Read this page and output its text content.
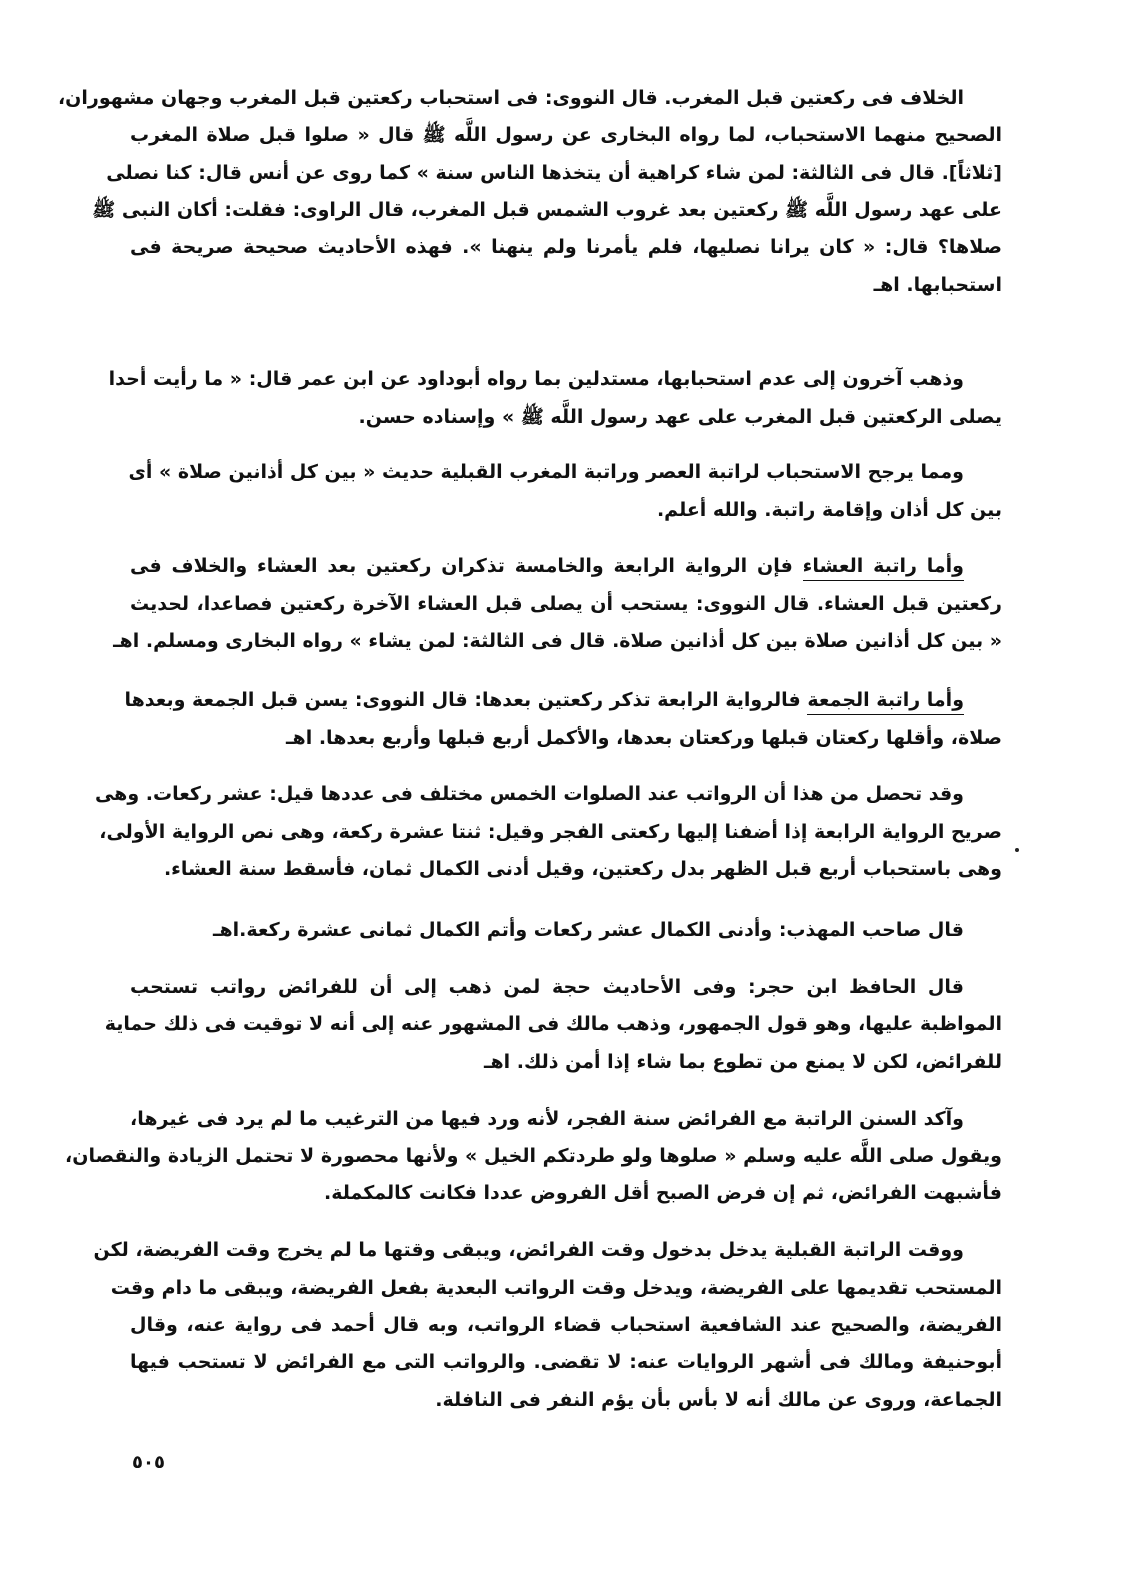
٥٠٥
الخلاف فى ركعتين قبل المغرب. قال النووى: فى استحباب ركعتين قبل المغرب وجهان مشهوران،
الصحيح منهما الاستحباب، لما رواه البخارى عن رسول اللَّه ﷺ قال « صلوا قبل صلاة المغرب
[ثلاثاً]. قال فى الثالثة: لمن شاء كراهية أن يتخذها الناس سنة » كما روى عن أنس قال: كنا نصلى
على عهد رسول اللَّه ﷺ ركعتين بعد غروب الشمس قبل المغرب، قال الراوى: فقلت: أكان النبى ﷺ
صلاها؟ قال: « كان يرانا نصليها، فلم يأمرنا ولم ينهنا ». فهذه الأحاديث صحيحة صريحة فى
استحبابها. اهـ
وذهب آخرون إلى عدم استحبابها، مستدلين بما رواه أبوداود عن ابن عمر قال: « ما رأيت أحدا
يصلى الركعتين قبل المغرب على عهد رسول اللَّه ﷺ » وإسناده حسن.
ومما يرجح الاستحباب لراتبة العصر وراتبة المغرب القبلية حديث « بين كل أذانين صلاة » أى
بين كل أذان وإقامة راتبة. والله أعلم.
وأما راتبة العشاء فإن الرواية الرابعة والخامسة تذكران ركعتين بعد العشاء والخلاف فى
ركعتين قبل العشاء. قال النووى: يستحب أن يصلى قبل العشاء الآخرة ركعتين فصاعدا، لحديث
« بين كل أذانين صلاة بين كل أذانين صلاة. قال فى الثالثة: لمن يشاء » رواه البخارى ومسلم. اهـ
وأما راتبة الجمعة فالرواية الرابعة تذكر ركعتين بعدها: قال النووى: يسن قبل الجمعة وبعدها
صلاة، وأقلها ركعتان قبلها وركعتان بعدها، والأكمل أربع قبلها وأربع بعدها. اهـ
وقد تحصل من هذا أن الرواتب عند الصلوات الخمس مختلف فى عددها قيل: عشر ركعات. وهى
صريح الرواية الرابعة إذا أضفنا إليها ركعتى الفجر وقيل: ثنتا عشرة ركعة، وهى نص الرواية الأولى،
وهى باستحباب أربع قبل الظهر بدل ركعتين، وقيل أدنى الكمال ثمان، فأسقط سنة العشاء.
قال صاحب المهذب: وأدنى الكمال عشر ركعات وأتم الكمال ثمانى عشرة ركعة.اهـ
قال الحافظ ابن حجر: وفى الأحاديث حجة لمن ذهب إلى أن للفرائض رواتب تستحب
المواظبة عليها، وهو قول الجمهور، وذهب مالك فى المشهور عنه إلى أنه لا توقيت فى ذلك حماية
للفرائض، لكن لا يمنع من تطوع بما شاء إذا أمن ذلك. اهـ
وآكد السنن الراتبة مع الفرائض سنة الفجر، لأنه ورد فيها من الترغيب ما لم يرد فى غيرها،
ويقول صلى اللَّه عليه وسلم « صلوها ولو طردتكم الخيل » ولأنها محصورة لا تحتمل الزيادة والنقصان،
فأشبهت الفرائض، ثم إن فرض الصبح أقل الفروض عددا فكانت كالمكملة.
ووقت الراتبة القبلية يدخل بدخول وقت الفرائض، ويبقى وقتها ما لم يخرج وقت الفريضة، لكن
المستحب تقديمها على الفريضة، ويدخل وقت الرواتب البعدية بفعل الفريضة، ويبقى ما دام وقت
الفريضة، والصحيح عند الشافعية استحباب قضاء الرواتب، وبه قال أحمد فى رواية عنه، وقال
أبوحنيفة ومالك فى أشهر الروايات عنه: لا تقضى. والرواتب التى مع الفرائض لا تستحب فيها
الجماعة، وروى عن مالك أنه لا بأس بأن يؤم النفر فى النافلة.
